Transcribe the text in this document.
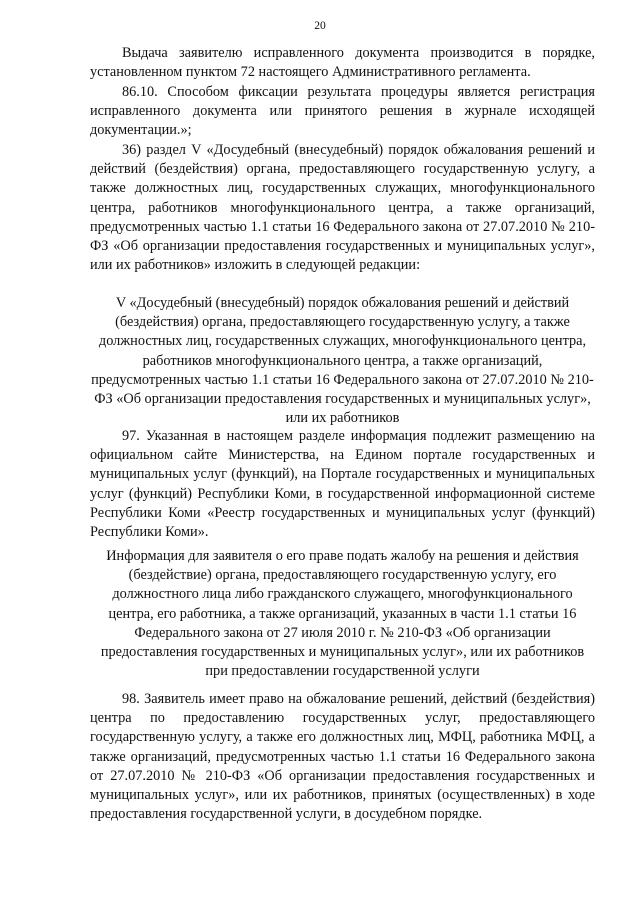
20

Выдача заявителю исправленного документа производится в порядке, установленном пунктом 72 настоящего Административного регламента.

86.10. Способом фиксации результата процедуры является регистрация исправленного документа или принятого решения в журнале исходящей документации.»;

36) раздел V «Досудебный (внесудебный) порядок обжалования решений и действий (бездействия) органа, предоставляющего государственную услугу, а также должностных лиц, государственных служащих, многофункционального центра, работников многофункционального центра, а также организаций, предусмотренных частью 1.1 статьи 16 Федерального закона от 27.07.2010 № 210-ФЗ «Об организации предоставления государственных и муниципальных услуг», или их работников» изложить в следующей редакции:

V «Досудебный (внесудебный) порядок обжалования решений и действий (бездействия) органа, предоставляющего государственную услугу, а также должностных лиц, государственных служащих, многофункционального центра, работников многофункционального центра, а также организаций, предусмотренных частью 1.1 статьи 16 Федерального закона от 27.07.2010 № 210-ФЗ «Об организации предоставления государственных и муниципальных услуг», или их работников

97. Указанная в настоящем разделе информация подлежит размещению на официальном сайте Министерства, на Едином портале государственных и муниципальных услуг (функций), на Портале государственных и муниципальных услуг (функций) Республики Коми, в государственной информационной системе Республики Коми «Реестр государственных и муниципальных услуг (функций) Республики Коми».

Информация для заявителя о его праве подать жалобу на решения и действия (бездействие) органа, предоставляющего государственную услугу, его должностного лица либо гражданского служащего, многофункционального центра, его работника, а также организаций, указанных в части 1.1 статьи 16 Федерального закона от 27 июля 2010 г. № 210-ФЗ «Об организации предоставления государственных и муниципальных услуг», или их работников при предоставлении государственной услуги

98. Заявитель имеет право на обжалование решений, действий (бездействия) центра по предоставлению государственных услуг, предоставляющего государственную услугу, а также его должностных лиц, МФЦ, работника МФЦ, а также организаций, предусмотренных частью 1.1 статьи 16 Федерального закона от 27.07.2010 № 210-ФЗ «Об организации предоставления государственных и муниципальных услуг», или их работников, принятых (осуществленных) в ходе предоставления государственной услуги, в досудебном порядке.
